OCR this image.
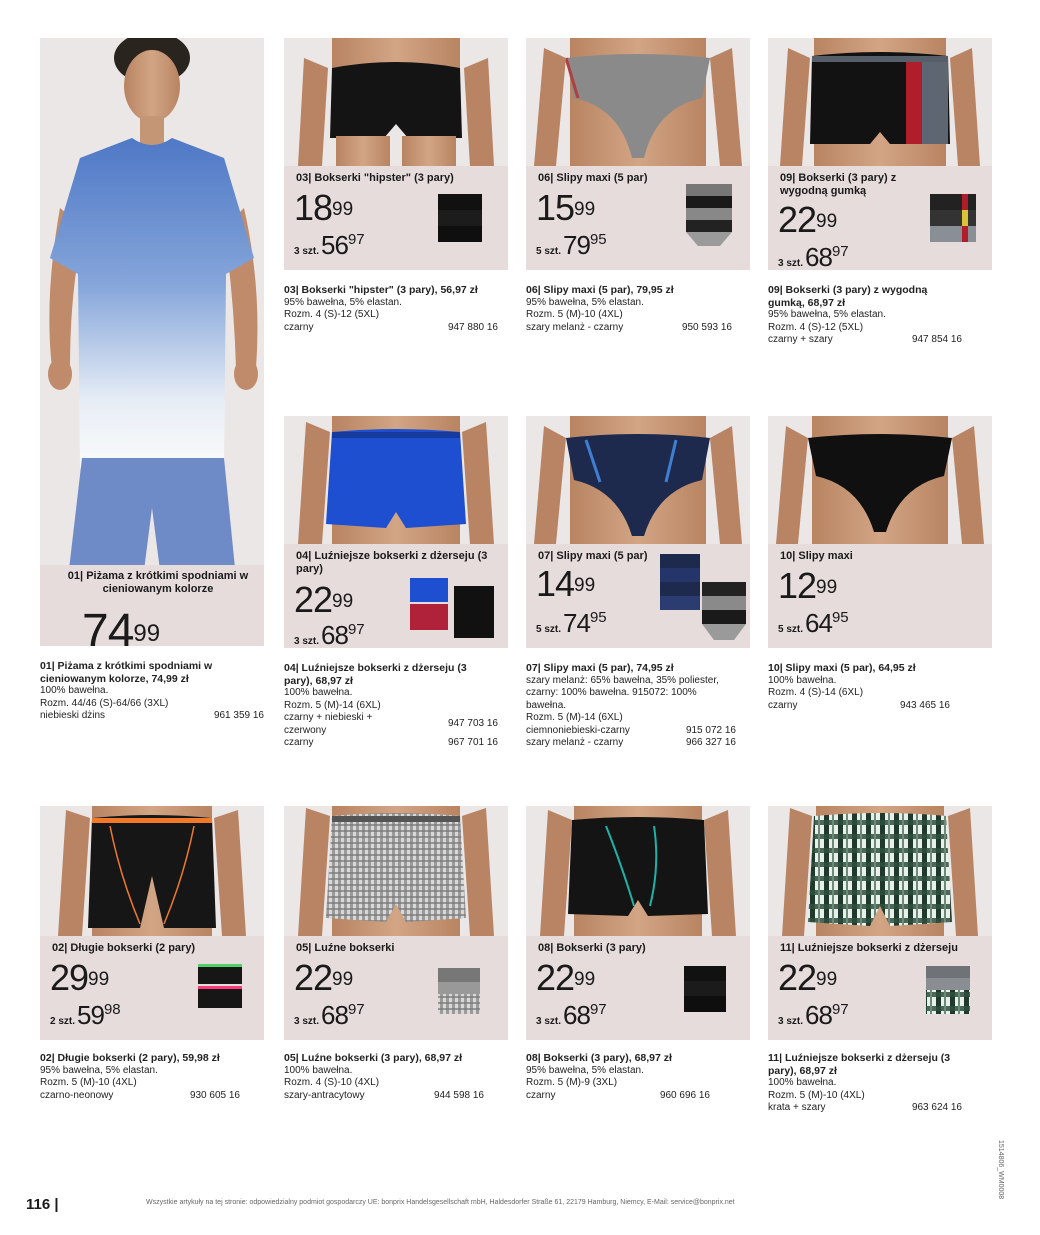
01| Piżama z krótkimi spodniami w cieniowanym kolorze
$74^{99}$
01| Piżama z krótkimi spodniami w cieniowanym kolorze, 74,99 zł
100% bawełna.
Rozm. 44/46 (S)-64/66 (3XL)
niebieski dżins	961 359 16
03| Bokserki "hipster" (3 pary)
$18^{99}$
3 $szt.56^{97}$
03| Bokserki "hipster" (3 pary), 56,97 zł
95% bawełna, 5% elastan.
Rozm. 4 (S)-12 (5XL)
czarny	947 880 16
06| Slipy maxi (5 par)
$15^{99}$
5 $szt.79^{95}$
06| Slipy maxi (5 par), 79,95 zł
95% bawełna, 5% elastan.
Rozm. 5 (M)-10 (4XL)
szary melanż - czarny	950 593 16
09| Bokserki (3 pary) z wygodną gumką
$22^{99}$
3 $szt.68^{97}$
09| Bokserki (3 pary) z wygodną gumką, 68,97 zł
95% bawełna, 5% elastan.
Rozm. 4 (S)-12 (5XL)
czarny + szary	947 854 16
04| Luźniejsze bokserki z dżerseju (3 pary)
$22^{99}$
3 $szt.68^{97}$
04| Luźniejsze bokserki z dżerseju (3 pary), 68,97 zł
100% bawełna.
Rozm. 5 (M)-14 (6XL)
czarny + niebieski + czerwony
947 703 16
czarny	967 701 16
07| Slipy maxi (5 par)
$14^{99}$
5 $szt.74^{95}$
07| Slipy maxi (5 par), 74,95 zł
szary melanż: 65% bawełna, 35% poliester, czarny: 100% bawełna. 915072: 100% bawełna.
Rozm. 5 (M)-14 (6XL)
ciemnoniebieski-czarny	915 072 16
szary melanż - czarny	966 327 16
10| Slipy maxi
$12^{99}$
5 $szt.64^{95}$
10| Slipy maxi (5 par), 64,95 zł
100% bawełna.
Rozm. 4 (S)-14 (6XL)
czarny	943 465 16
02| Długie bokserki (2 pary)
$29^{99}$
2 $szt.59^{98}$
02| Długie bokserki (2 pary), 59,98 zł
95% bawełna, 5% elastan.
Rozm. 5 (M)-10 (4XL)
czarno-neonowy	930 605 16
05| Luźne bokserki
$22^{99}$
3 $szt.68^{97}$
05| Luźne bokserki (3 pary), 68,97 zł
100% bawełna.
Rozm. 4 (S)-10 (4XL)
szary-antracytowy	944 598 16
08| Bokserki (3 pary)
$22^{99}$
3 $szt.68^{97}$
08| Bokserki (3 pary), 68,97 zł
95% bawełna, 5% elastan.
Rozm. 5 (M)-9 (3XL)
czarny	960 696 16
11| Luźniejsze bokserki z dżerseju
$22^{99}$
3 $szt.68^{97}$
11| Luźniejsze bokserki z dżerseju (3 pary), 68,97 zł
100% bawełna.
Rozm. 5 (M)-10 (4XL)
krata + szary	963 624 16
116 |	Wszystkie artykuły na tej stronie: odpowiedzialny podmiot gospodarczy UE: bonprix Handelsgesellschaft mbH, Haldesdorfer Straße 61, 22179 Hamburg, Niemcy, E-Mail: service@bonprix.net
1514806_WM0008
